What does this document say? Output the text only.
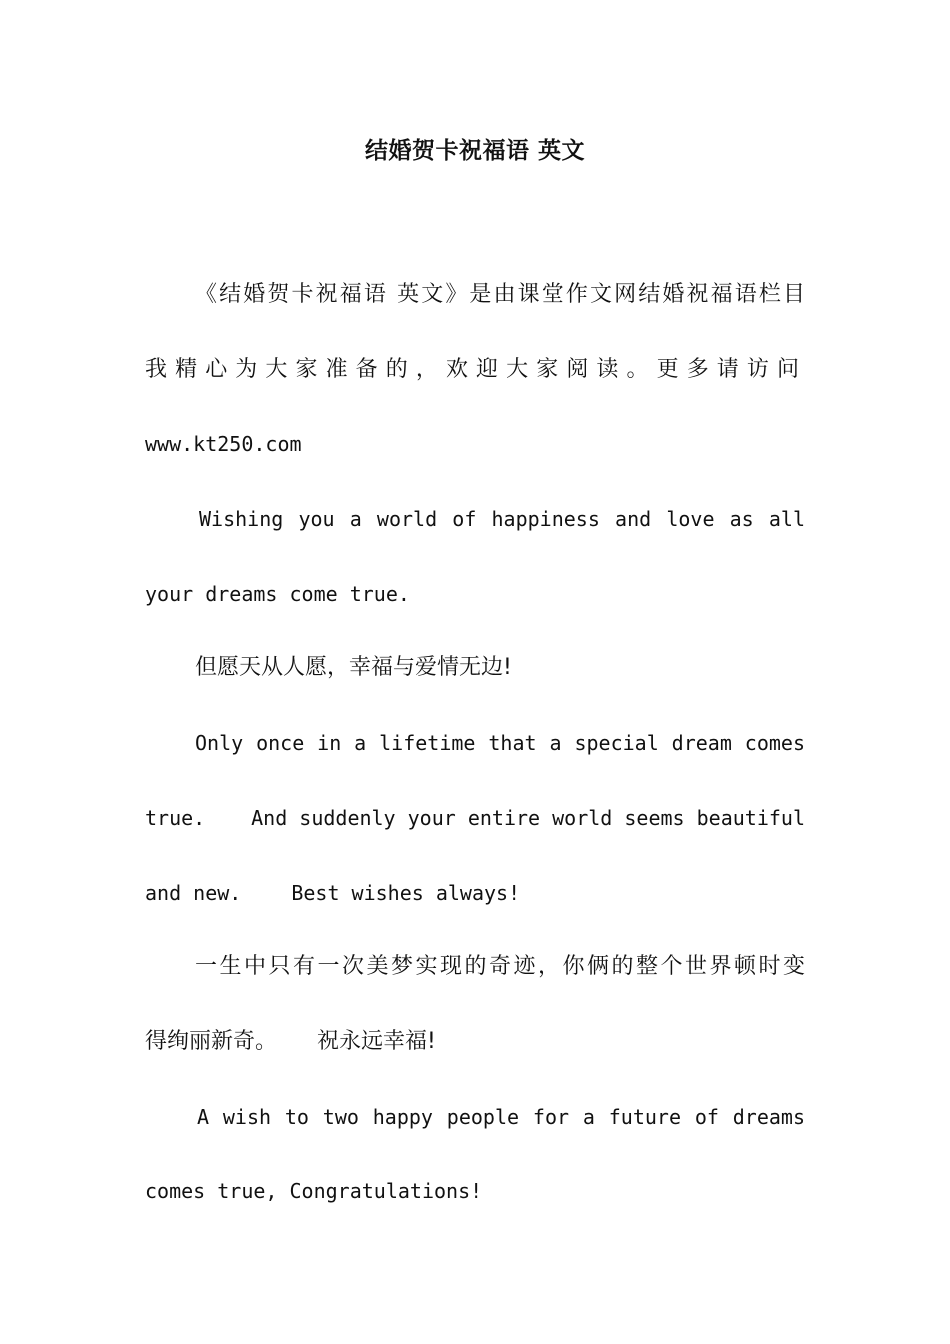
结婚贺卡祝福语 英文
《结婚贺卡祝福语 英文》是由课堂作文网结婚祝福语栏目
我精心为大家准备的，欢迎大家阅读。更多请访问
www.kt250.com
Wishing you a world of happiness and love as all
your dreams come true.
但愿天从人愿，幸福与爱情无边!
Only once in a lifetime that a special dream comes
true. And suddenly your entire world seems beautiful
and new.	Best wishes always!
一生中只有一次美梦实现的奇迹，你俩的整个世界顿时变
得绚丽新奇。 祝永远幸福!
A wish to two happy people for a future of dreams
comes true, Congratulations!
